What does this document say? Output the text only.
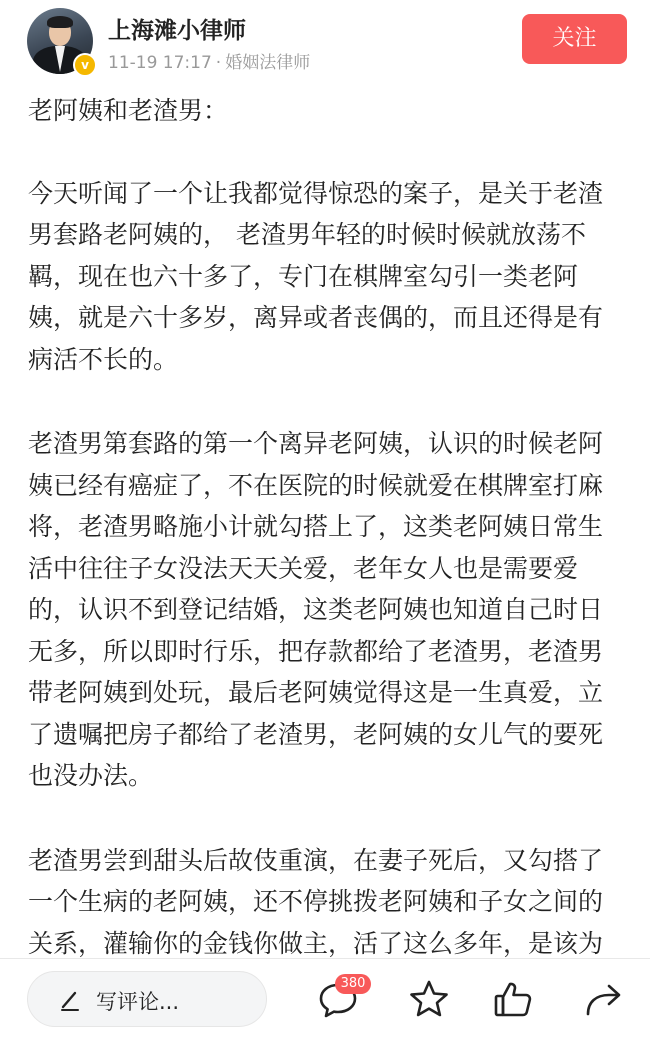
v
上海滩小律师
11-19 17:17 · 婚姻法律师
关注

老阿姨和老渣男：

今天听闻了一个让我都觉得惊恐的案子，是关于老渣男套路老阿姨的， 老渣男年轻的时候时候就放荡不羁，现在也六十多了，专门在棋牌室勾引一类老阿姨，就是六十多岁，离异或者丧偶的，而且还得是有病活不长的。

老渣男第套路的第一个离异老阿姨，认识的时候老阿姨已经有癌症了，不在医院的时候就爱在棋牌室打麻将，老渣男略施小计就勾搭上了，这类老阿姨日常生活中往往子女没法天天关爱，老年女人也是需要爱的，认识不到登记结婚，这类老阿姨也知道自己时日无多，所以即时行乐，把存款都给了老渣男，老渣男带老阿姨到处玩，最后老阿姨觉得这是一生真爱，立了遗嘱把房子都给了老渣男，老阿姨的女儿气的要死也没办法。

老渣男尝到甜头后故伎重演，在妻子死后，又勾搭了一个生病的老阿姨，还不停挑拨老阿姨和子女之间的关系，灌输你的金钱你做主，活了这么多年，是该为

写评论...
380
